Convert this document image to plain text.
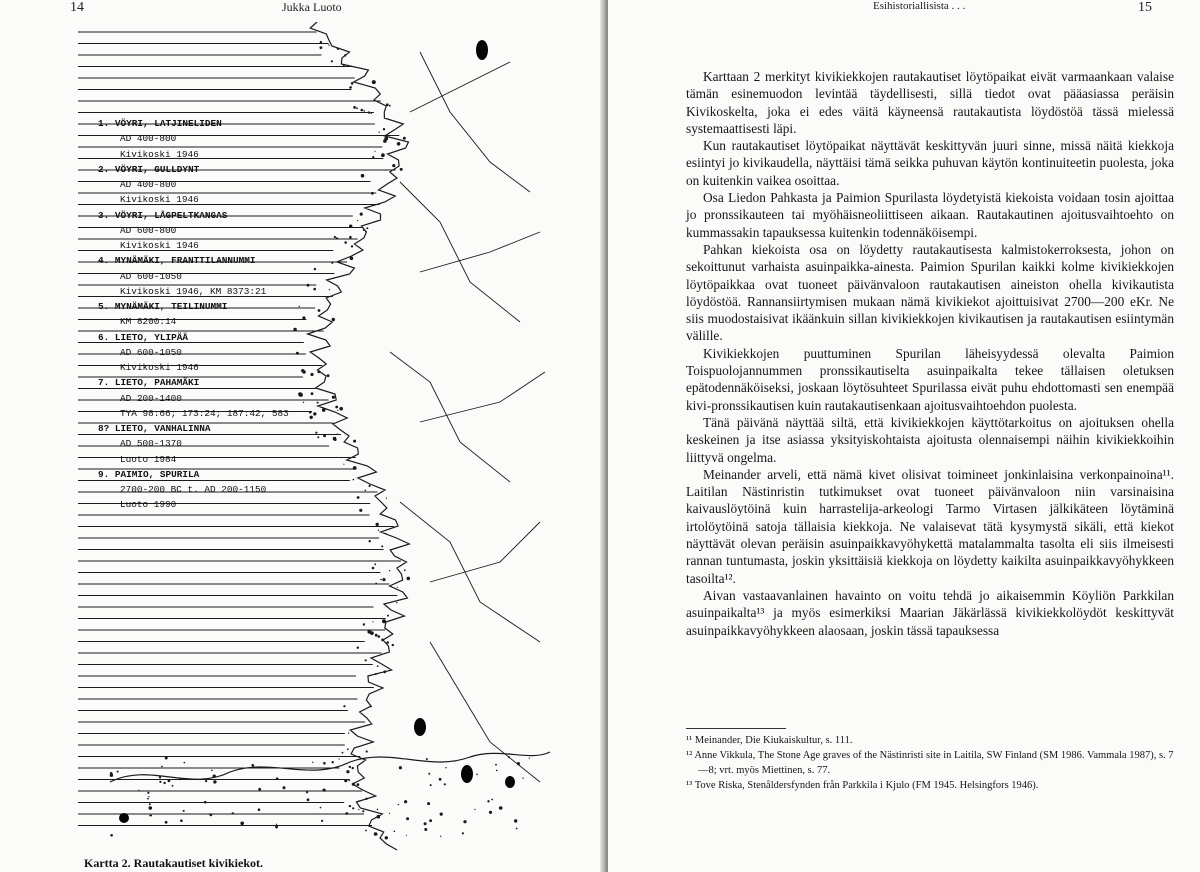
14	Jukka Luoto
1. VÖYRI, LATJINELIDEN
AD 400-800
Kivikoski 1946
2. VÖYRI, GULLDYNT
AD 400-800
Kivikoski 1946
3. VÖYRI, LÅGPELTKANGAS
AD 600-800
Kivikoski 1946
4. MYNÄMÄKI, FRANTTILANNUMMI
AD 600-1050
Kivikoski 1946, KM 8373:21
5. MYNÄMÄKI, TEILINUMMI
KM 8200:14
6. LIETO, YLIPÄÄ
AD 600-1050
Kivikoski 1946
7. LIETO, PAHAMÄKI
AD 200-1400
TYA 98:66; 173:24; 187:42, 583
8? LIETO, VANHALINNA
AD 500-1370
Luoto 1984
9. PAIMIO, SPURILA
2700-200 BC t. AD 200-1150
Luoto 1990
Kartta 2. Rautakautiset kivikiekot.
Esihistoriallisista . . .	15

Karttaan 2 merkityt kivikiekkojen rautakautiset löytöpaikat eivät varmaankaan valaise tämän esinemuodon levintää täydellisesti, sillä tiedot ovat pääasiassa peräisin Kivikoskelta, joka ei edes väitä käyneensä rautakautista löydöstöä tässä mielessä systemaattisesti läpi.

Kun rautakautiset löytöpaikat näyttävät keskittyvän juuri sinne, missä näitä kiekkoja esiintyi jo kivikaudella, näyttäisi tämä seikka puhuvan käytön kontinuiteetin puolesta, joka on kuitenkin vaikea osoittaa.

Osa Liedon Pahkasta ja Paimion Spurilasta löydetyistä kiekoista voidaan tosin ajoittaa jo pronssikauteen tai myöhäisneoliittiseen aikaan. Rautakautinen ajoitusvaihtoehto on kummassakin tapauksessa kuitenkin todennäköisempi.

Pahkan kiekoista osa on löydetty rautakautisesta kalmistokerroksesta, johon on sekoittunut varhaista asuinpaikka-ainesta. Paimion Spurilan kaikki kolme kivikiekkojen löytöpaikkaa ovat tuoneet päivänvaloon rautakautisen aineiston ohella kivikautista löydöstöä. Rannansiirtymisen mukaan nämä kivikiekot ajoittuisivat 2700—200 eKr. Ne siis muodostaisivat ikäänkuin sillan kivikiekkojen kivikautisen ja rautakautisen esiintymän välille.

Kivikiekkojen puuttuminen Spurilan läheisyydessä olevalta Paimion Toispuolojannummen pronssikautiselta asuinpaikalta tekee tällaisen oletuksen epätodennäköiseksi, joskaan löytösuhteet Spurilassa eivät puhu ehdottomasti sen enempää kivi-pronssikautisen kuin rautakautisenkaan ajoitusvaihtoehdon puolesta.

Tänä päivänä näyttää siltä, että kivikiekkojen käyttötarkoitus on ajoituksen ohella keskeinen ja itse asiassa yksityiskohtaista ajoitusta olennaisempi näihin kivikiekkoihin liittyvä ongelma.

Meinander arveli, että nämä kivet olisivat toimineet jonkinlaisina verkonpainoina¹¹. Laitilan Nästinristin tutkimukset ovat tuoneet päivänvaloon niin varsinaisina kaivauslöytöinä kuin harrastelija-arkeologi Tarmo Virtasen jälkikäteen löytäminä irtolöytöinä satoja tällaisia kiekkoja. Ne valaisevat tätä kysymystä sikäli, että kiekot näyttävät olevan peräisin asuinpaikkavyöhykettä matalammalta tasolta eli siis ilmeisesti rannan tuntumasta, joskin yksittäisiä kiekkoja on löydetty kaikilta asuinpaikkavyöhykkeen tasoilta¹².

Aivan vastaavanlainen havainto on voitu tehdä jo aikaisemmin Köyliön Parkkilan asuinpaikalta¹³ ja myös esimerkiksi Maarian Jäkärlässä kivikiekkolöydöt keskittyvät asuinpaikkavyöhykkeen alaosaan, joskin tässä tapauksessa

¹¹ Meinander, Die Kiukaiskultur, s. 111.
¹² Anne Vikkula, The Stone Age graves of the Nästinristi site in Laitila, SW Finland (SM 1986. Vammala 1987), s. 7—8; vrt. myös Miettinen, s. 77.
¹³ Tove Riska, Stenåldersfynden från Parkkila i Kjulo (FM 1945. Helsingfors 1946).
